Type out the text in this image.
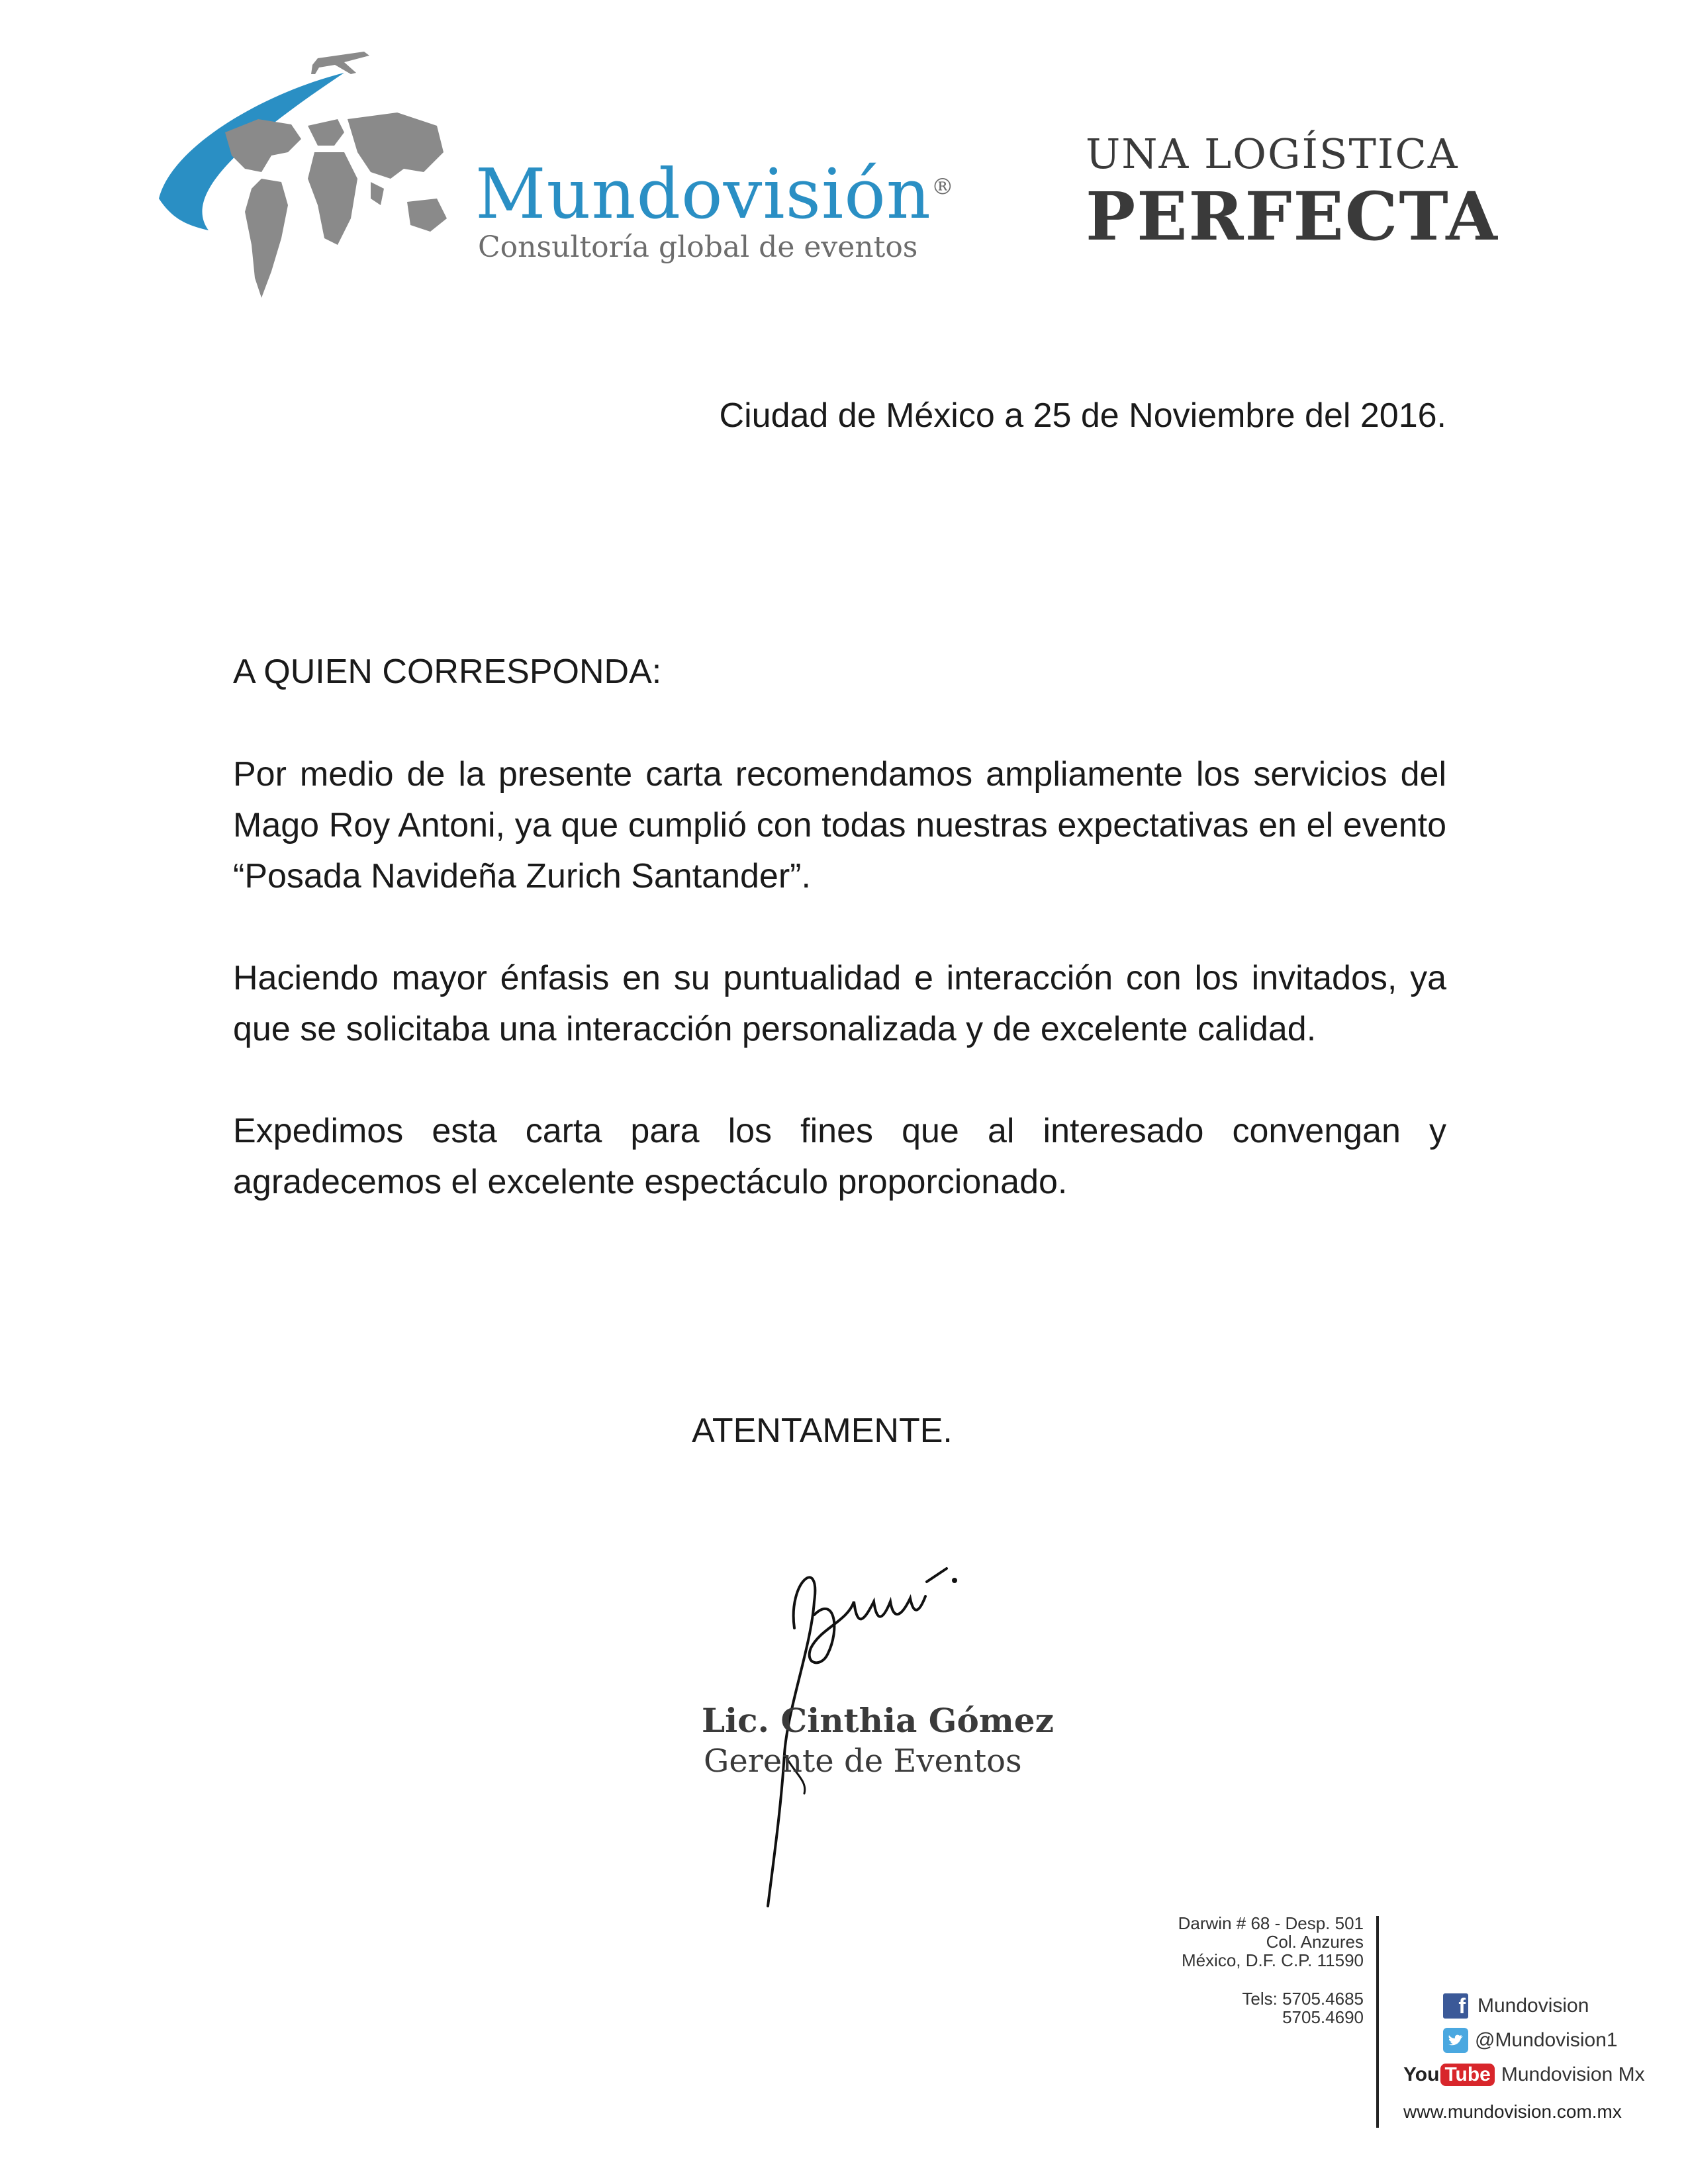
Mundovisión®
Consultoría global de eventos
UNA LOGÍSTICA
PERFECTA
Ciudad de México a 25 de Noviembre del 2016.
A QUIEN CORRESPONDA:

Por medio de la presente carta recomendamos ampliamente los servicios del Mago Roy Antoni, ya que cumplió con todas nuestras expectativas en el evento “Posada Navideña Zurich Santander”.

Haciendo mayor énfasis en su puntualidad e interacción con los invitados, ya que se solicitaba una interacción personalizada y de excelente calidad.

Expedimos esta carta para los fines que al interesado convengan y agradecemos el excelente espectáculo proporcionado.

ATENTAMENTE.
Lic. Cinthia Gómez
Gerente de Eventos
Darwin # 68 - Desp. 501
Col. Anzures
México, D.F. C.P. 11590
Tels: 5705.4685
5705.4690	f Mundovision
@Mundovision1
You Tube Mundovision Mx
www.mundovision.com.mx
